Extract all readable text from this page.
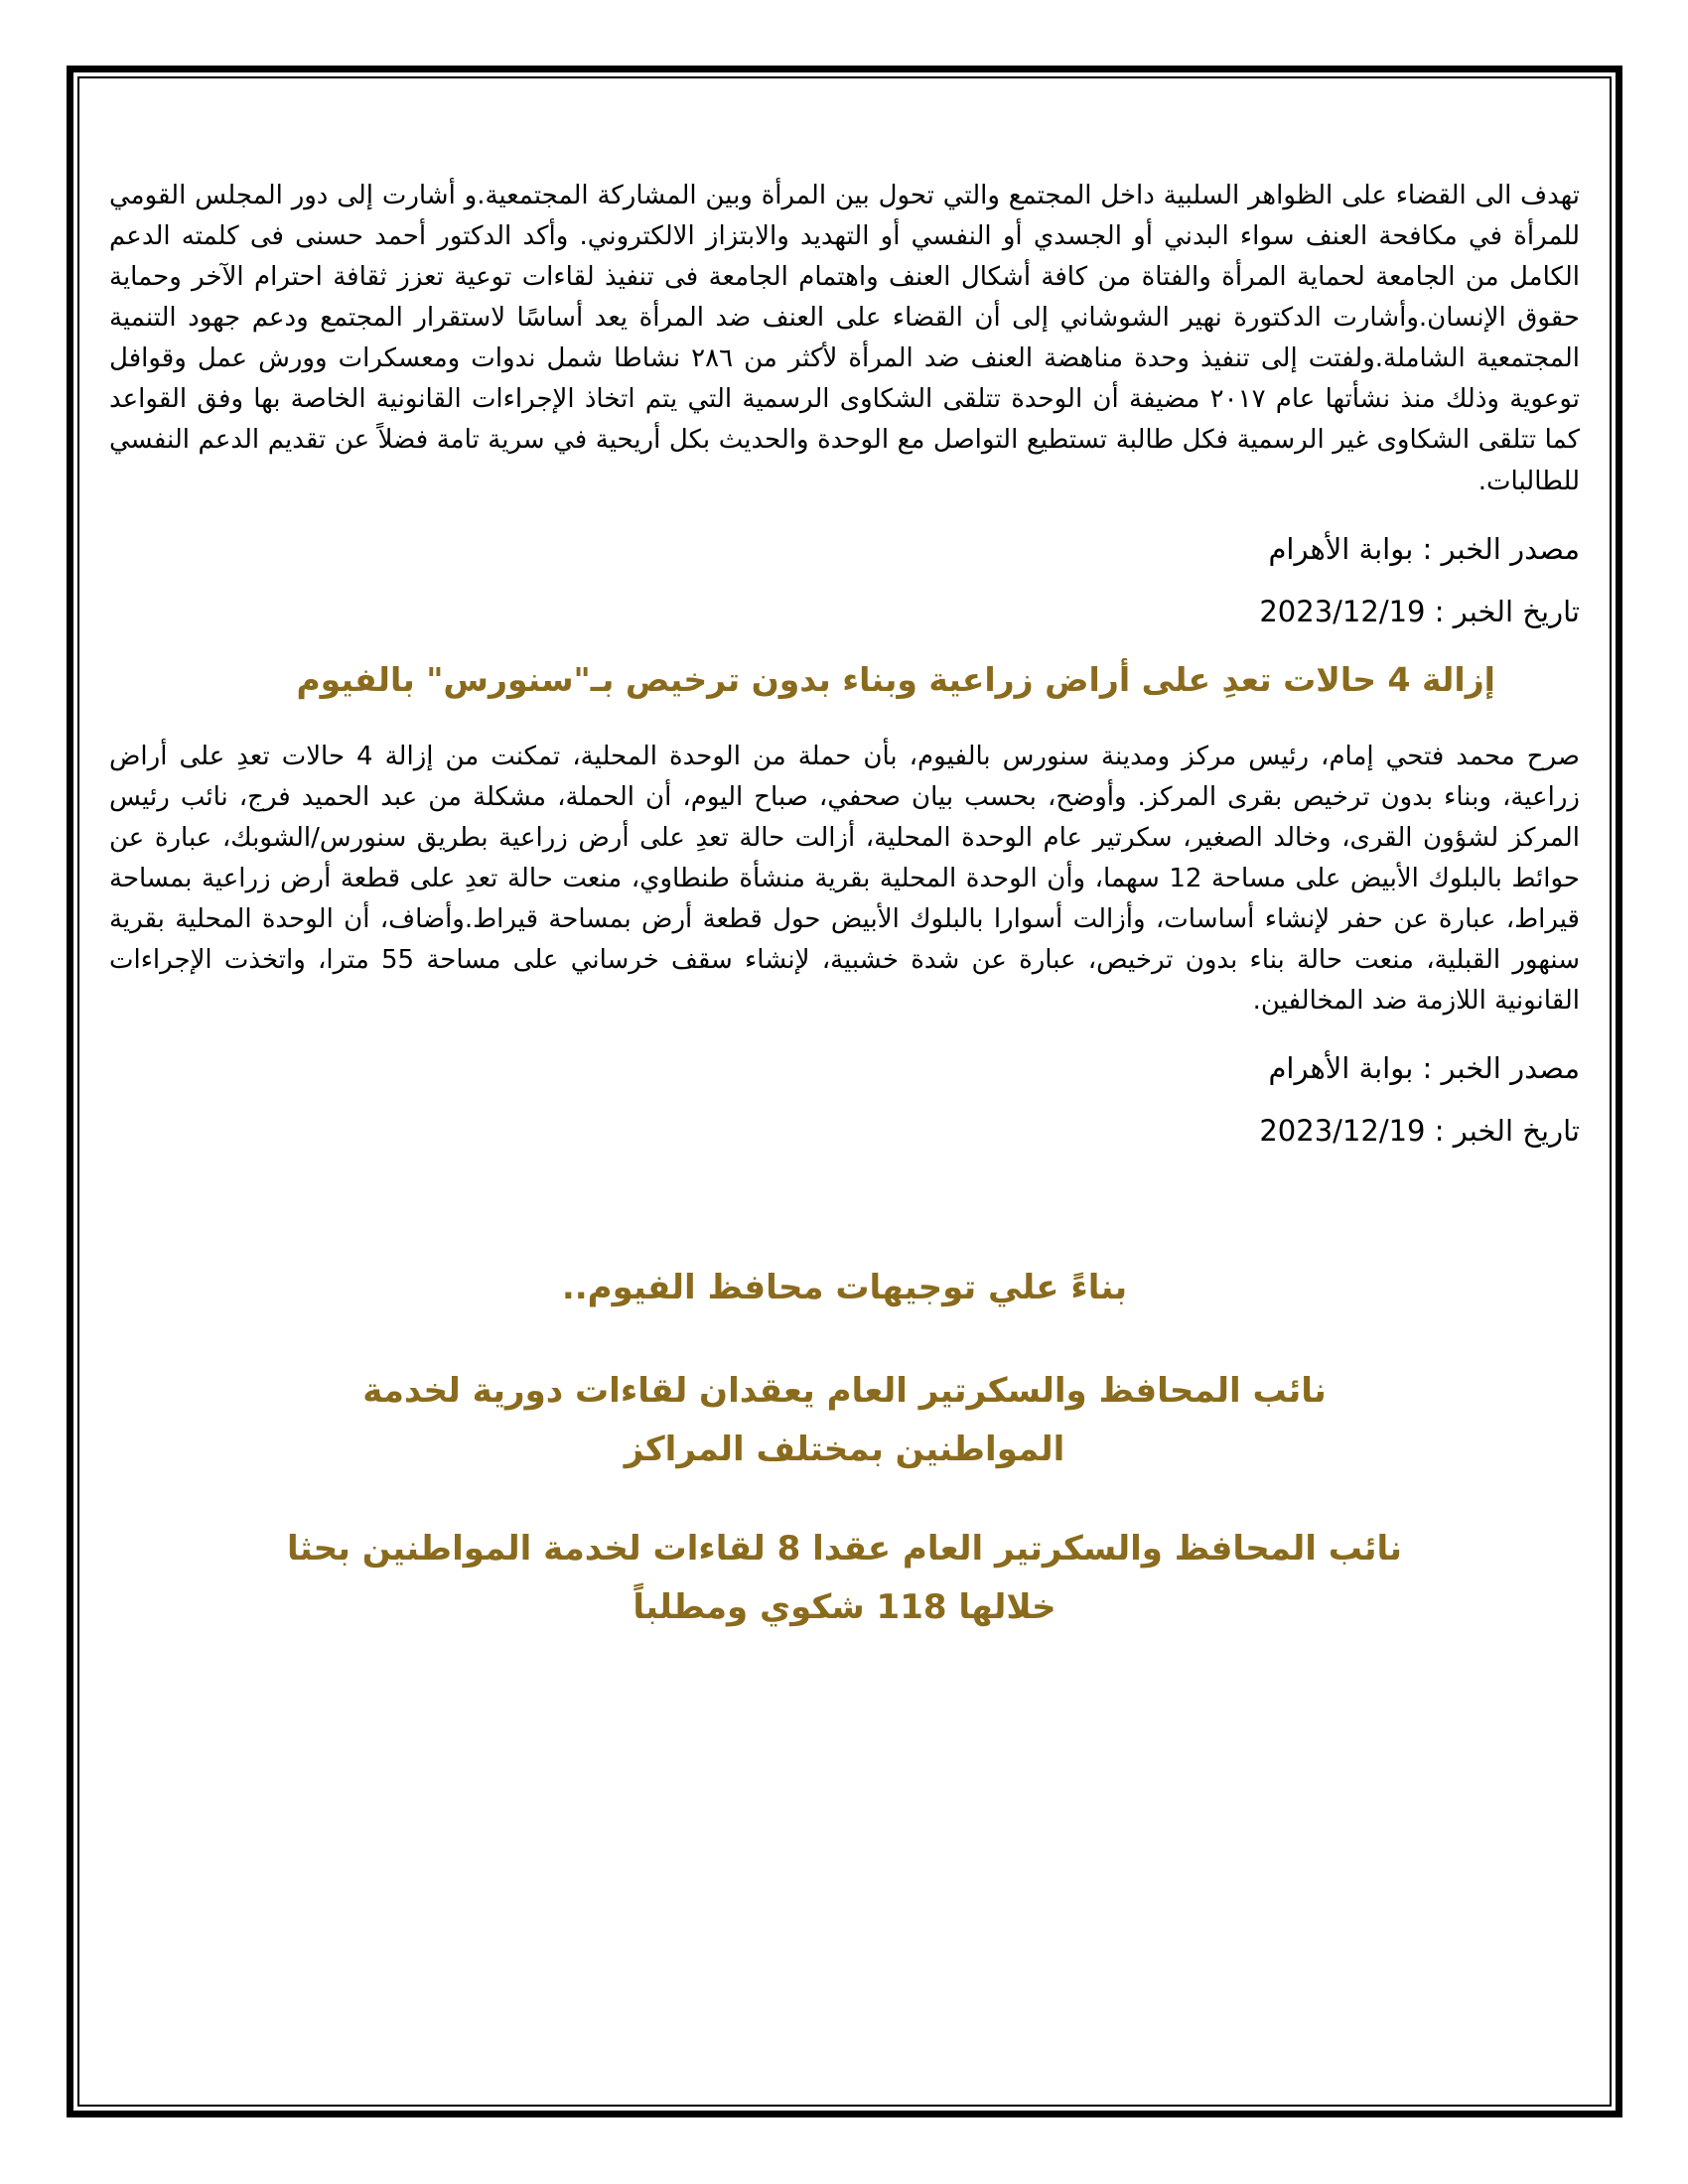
تهدف الى القضاء على الظواهر السلبية داخل المجتمع والتي تحول بين المرأة وبين المشاركة المجتمعية.و أشارت إلى دور المجلس القومي للمرأة في مكافحة العنف سواء البدني أو الجسدي أو النفسي أو التهديد والابتزاز الالكتروني. وأكد الدكتور أحمد حسنى فى كلمته الدعم الكامل من الجامعة لحماية المرأة والفتاة من كافة أشكال العنف واهتمام الجامعة فى تنفيذ لقاءات توعية تعزز ثقافة احترام الآخر وحماية حقوق الإنسان.وأشارت الدكتورة نهير الشوشاني إلى أن القضاء على العنف ضد المرأة يعد أساسًا لاستقرار المجتمع ودعم جهود التنمية المجتمعية الشاملة.ولفتت إلى تنفيذ وحدة مناهضة العنف ضد المرأة لأكثر من ٢٨٦ نشاطا شمل ندوات ومعسكرات وورش عمل وقوافل توعوية وذلك منذ نشأتها عام ٢٠١٧ مضيفة أن الوحدة تتلقى الشكاوى الرسمية التي يتم اتخاذ الإجراءات القانونية الخاصة بها وفق القواعد كما تتلقى الشكاوى غير الرسمية فكل طالبة تستطيع التواصل مع الوحدة والحديث بكل أريحية في سرية تامة فضلاً عن تقديم الدعم النفسي للطالبات.

مصدر الخبر : بوابة الأهرام

تاريخ الخبر : 2023/12/19

إزالة 4 حالات تعدِ على أراض زراعية وبناء بدون ترخيص بـ"سنورس" بالفيوم

صرح محمد فتحي إمام، رئيس مركز ومدينة سنورس بالفيوم، بأن حملة من الوحدة المحلية، تمكنت من إزالة 4 حالات تعدِ على أراض زراعية، وبناء بدون ترخيص بقرى المركز. وأوضح، بحسب بيان صحفي، صباح اليوم، أن الحملة، مشكلة من عبد الحميد فرج، نائب رئيس المركز لشؤون القرى، وخالد الصغير، سكرتير عام الوحدة المحلية، أزالت حالة تعدِ على أرض زراعية بطريق سنورس/الشوبك، عبارة عن حوائط بالبلوك الأبيض على مساحة 12 سهما، وأن الوحدة المحلية بقرية منشأة طنطاوي، منعت حالة تعدِ على قطعة أرض زراعية بمساحة قيراط، عبارة عن حفر لإنشاء أساسات، وأزالت أسوارا بالبلوك الأبيض حول قطعة أرض بمساحة قيراط.وأضاف، أن الوحدة المحلية بقرية سنهور القبلية، منعت حالة بناء بدون ترخيص، عبارة عن شدة خشبية، لإنشاء سقف خرساني على مساحة 55 مترا، واتخذت الإجراءات القانونية اللازمة ضد المخالفين.

مصدر الخبر : بوابة الأهرام

تاريخ الخبر : 2023/12/19

بناءً علي توجيهات محافظ الفيوم..
نائب المحافظ والسكرتير العام يعقدان لقاءات دورية لخدمة المواطنين بمختلف المراكز
نائب المحافظ والسكرتير العام عقدا 8 لقاءات لخدمة المواطنين بحثا خلالها 118 شكوي ومطلباً
